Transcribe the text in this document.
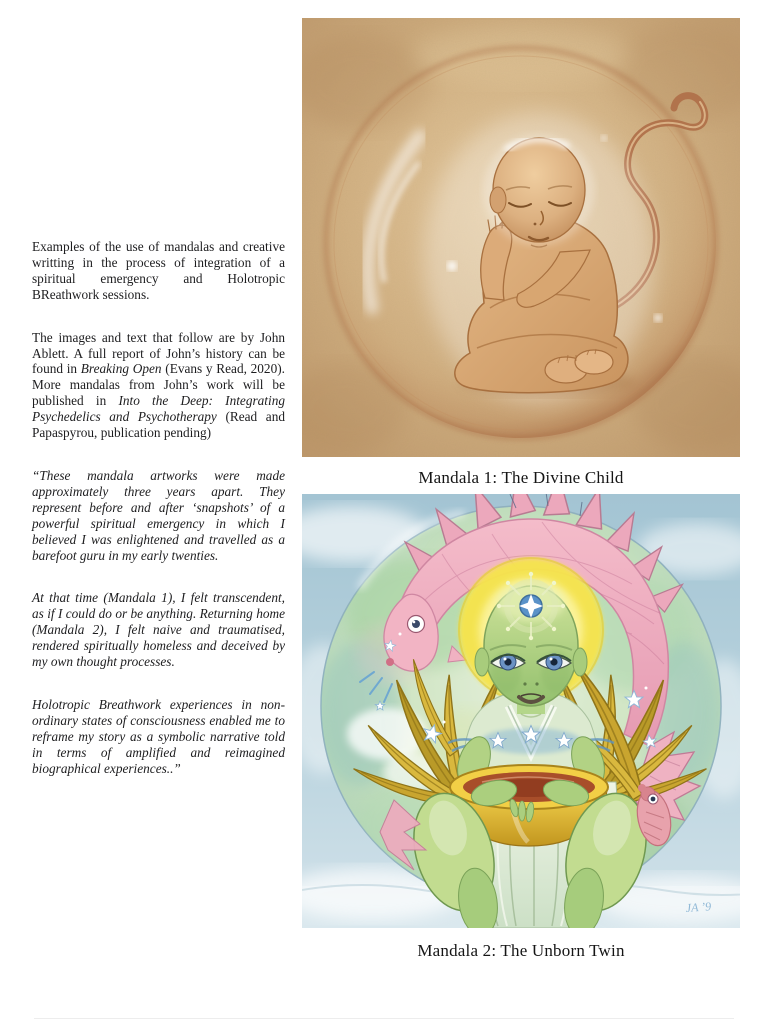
Examples of the use of mandalas and creative writting in the process of integration of a spiritual emergency and Holotropic BReathwork sessions.

The images and text that follow are by John Ablett. A full report of John’s history can be found in Breaking Open (Evans y Read, 2020). More mandalas from John’s work will be published in Into the Deep: Integrating Psychedelics and Psychotherapy (Read and Papaspyrou, publication pending)

“These mandala artworks were made approximately three years apart. They represent before and after ‘snapshots’ of a powerful spiritual emergency in which I believed I was enlightened and travelled as a barefoot guru in my early twenties.

At that time (Mandala 1), I felt transcendent, as if I could do or be anything. Returning home (Mandala 2), I felt naive and traumatised, rendered spiritually homeless and deceived by my own thought processes.

Holotropic Breathwork experiences in non-ordinary states of consciousness enabled me to reframe my story as a symbolic narrative told in terms of amplified and reimagined biographical experiences..”

Mandala 1: The Divine Child
JA ’9
Mandala 2: The Unborn Twin
